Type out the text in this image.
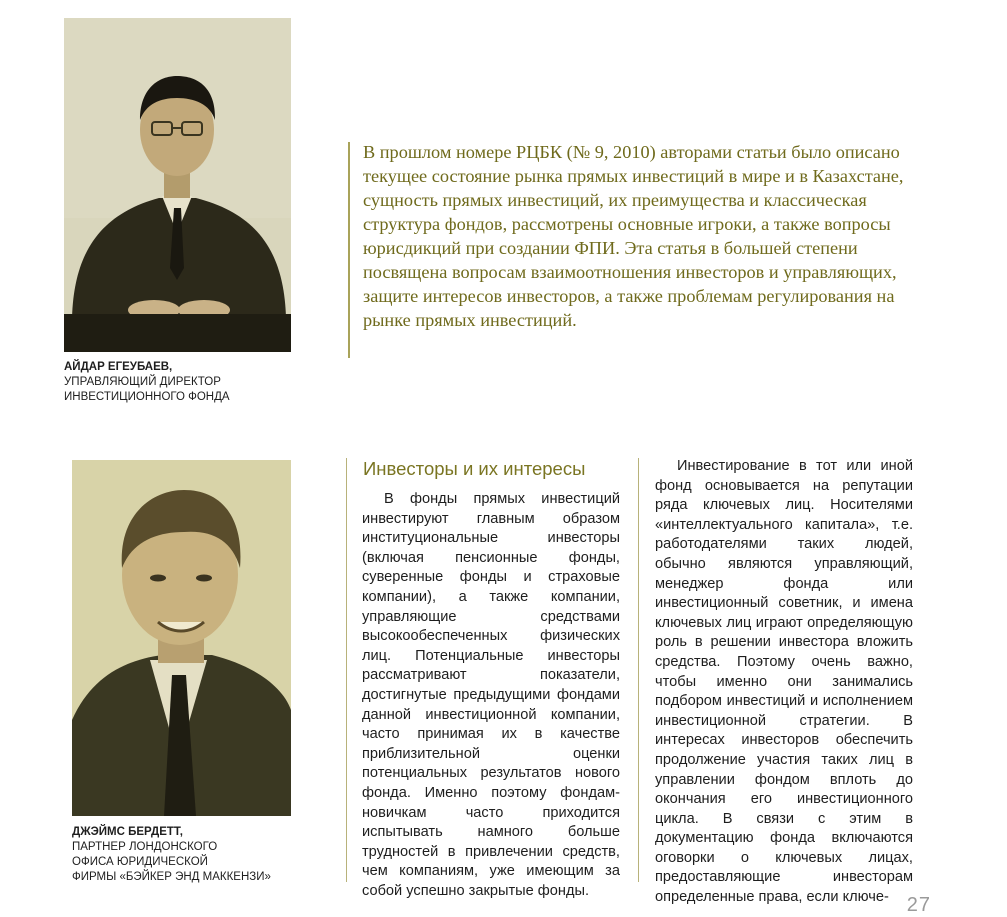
АЙДАР ЕГЕУБАЕВ,
УПРАВЛЯЮЩИЙ ДИРЕКТОР
ИНВЕСТИЦИОННОГО ФОНДА

В прошлом номере РЦБК (№ 9, 2010) авторами статьи было описано текущее состояние рынка прямых инвестиций в мире и в Казахстане, сущность прямых инвестиций, их преимущества и классическая структура фондов, рассмотрены основные игроки, а также вопросы юрисдикций при создании ФПИ. Эта статья в большей степени посвящена вопросам взаимоотношения инвесторов и управляющих, защите интересов инвесторов, а также проблемам регулирования на рынке прямых инвестиций.

ДЖЭЙМС БЕРДЕТТ,
ПАРТНЕР ЛОНДОНСКОГО
ОФИСА ЮРИДИЧЕСКОЙ
ФИРМЫ «БЭЙКЕР ЭНД МАККЕНЗИ»
Инвесторы и их интересы

В фонды прямых инвестиций инвестируют главным образом институциональные инвесторы (включая пенсионные фонды, суверенные фонды и страховые компании), а также компании, управляющие средствами высокообеспеченных физических лиц. Потенциальные инвесторы рассматривают показатели, достигнутые предыдущими фондами данной инвестиционной компании, часто принимая их в качестве приблизительной оценки потенциальных результатов нового фонда. Именно поэтому фондам-новичкам часто приходится испытывать намного больше трудностей в привлечении средств, чем компаниям, уже имеющим за собой успешно закрытые фонды.

Инвестирование в тот или иной фонд основывается на репутации ряда ключевых лиц. Носителями «интеллектуального капитала», т.е. работодателями таких людей, обычно являются управляющий, менеджер фонда или инвестиционный советник, и имена ключевых лиц играют определяющую роль в решении инвестора вложить средства. Поэтому очень важно, чтобы именно они занимались подбором инвестиций и исполнением инвестиционной стратегии. В интересах инвесторов обеспечить продолжение участия таких лиц в управлении фондом вплоть до окончания его инвестиционного цикла. В связи с этим в документацию фонда включаются оговорки о ключевых лицах, предоставляющие инвесторам определенные права, если ключе- 27
